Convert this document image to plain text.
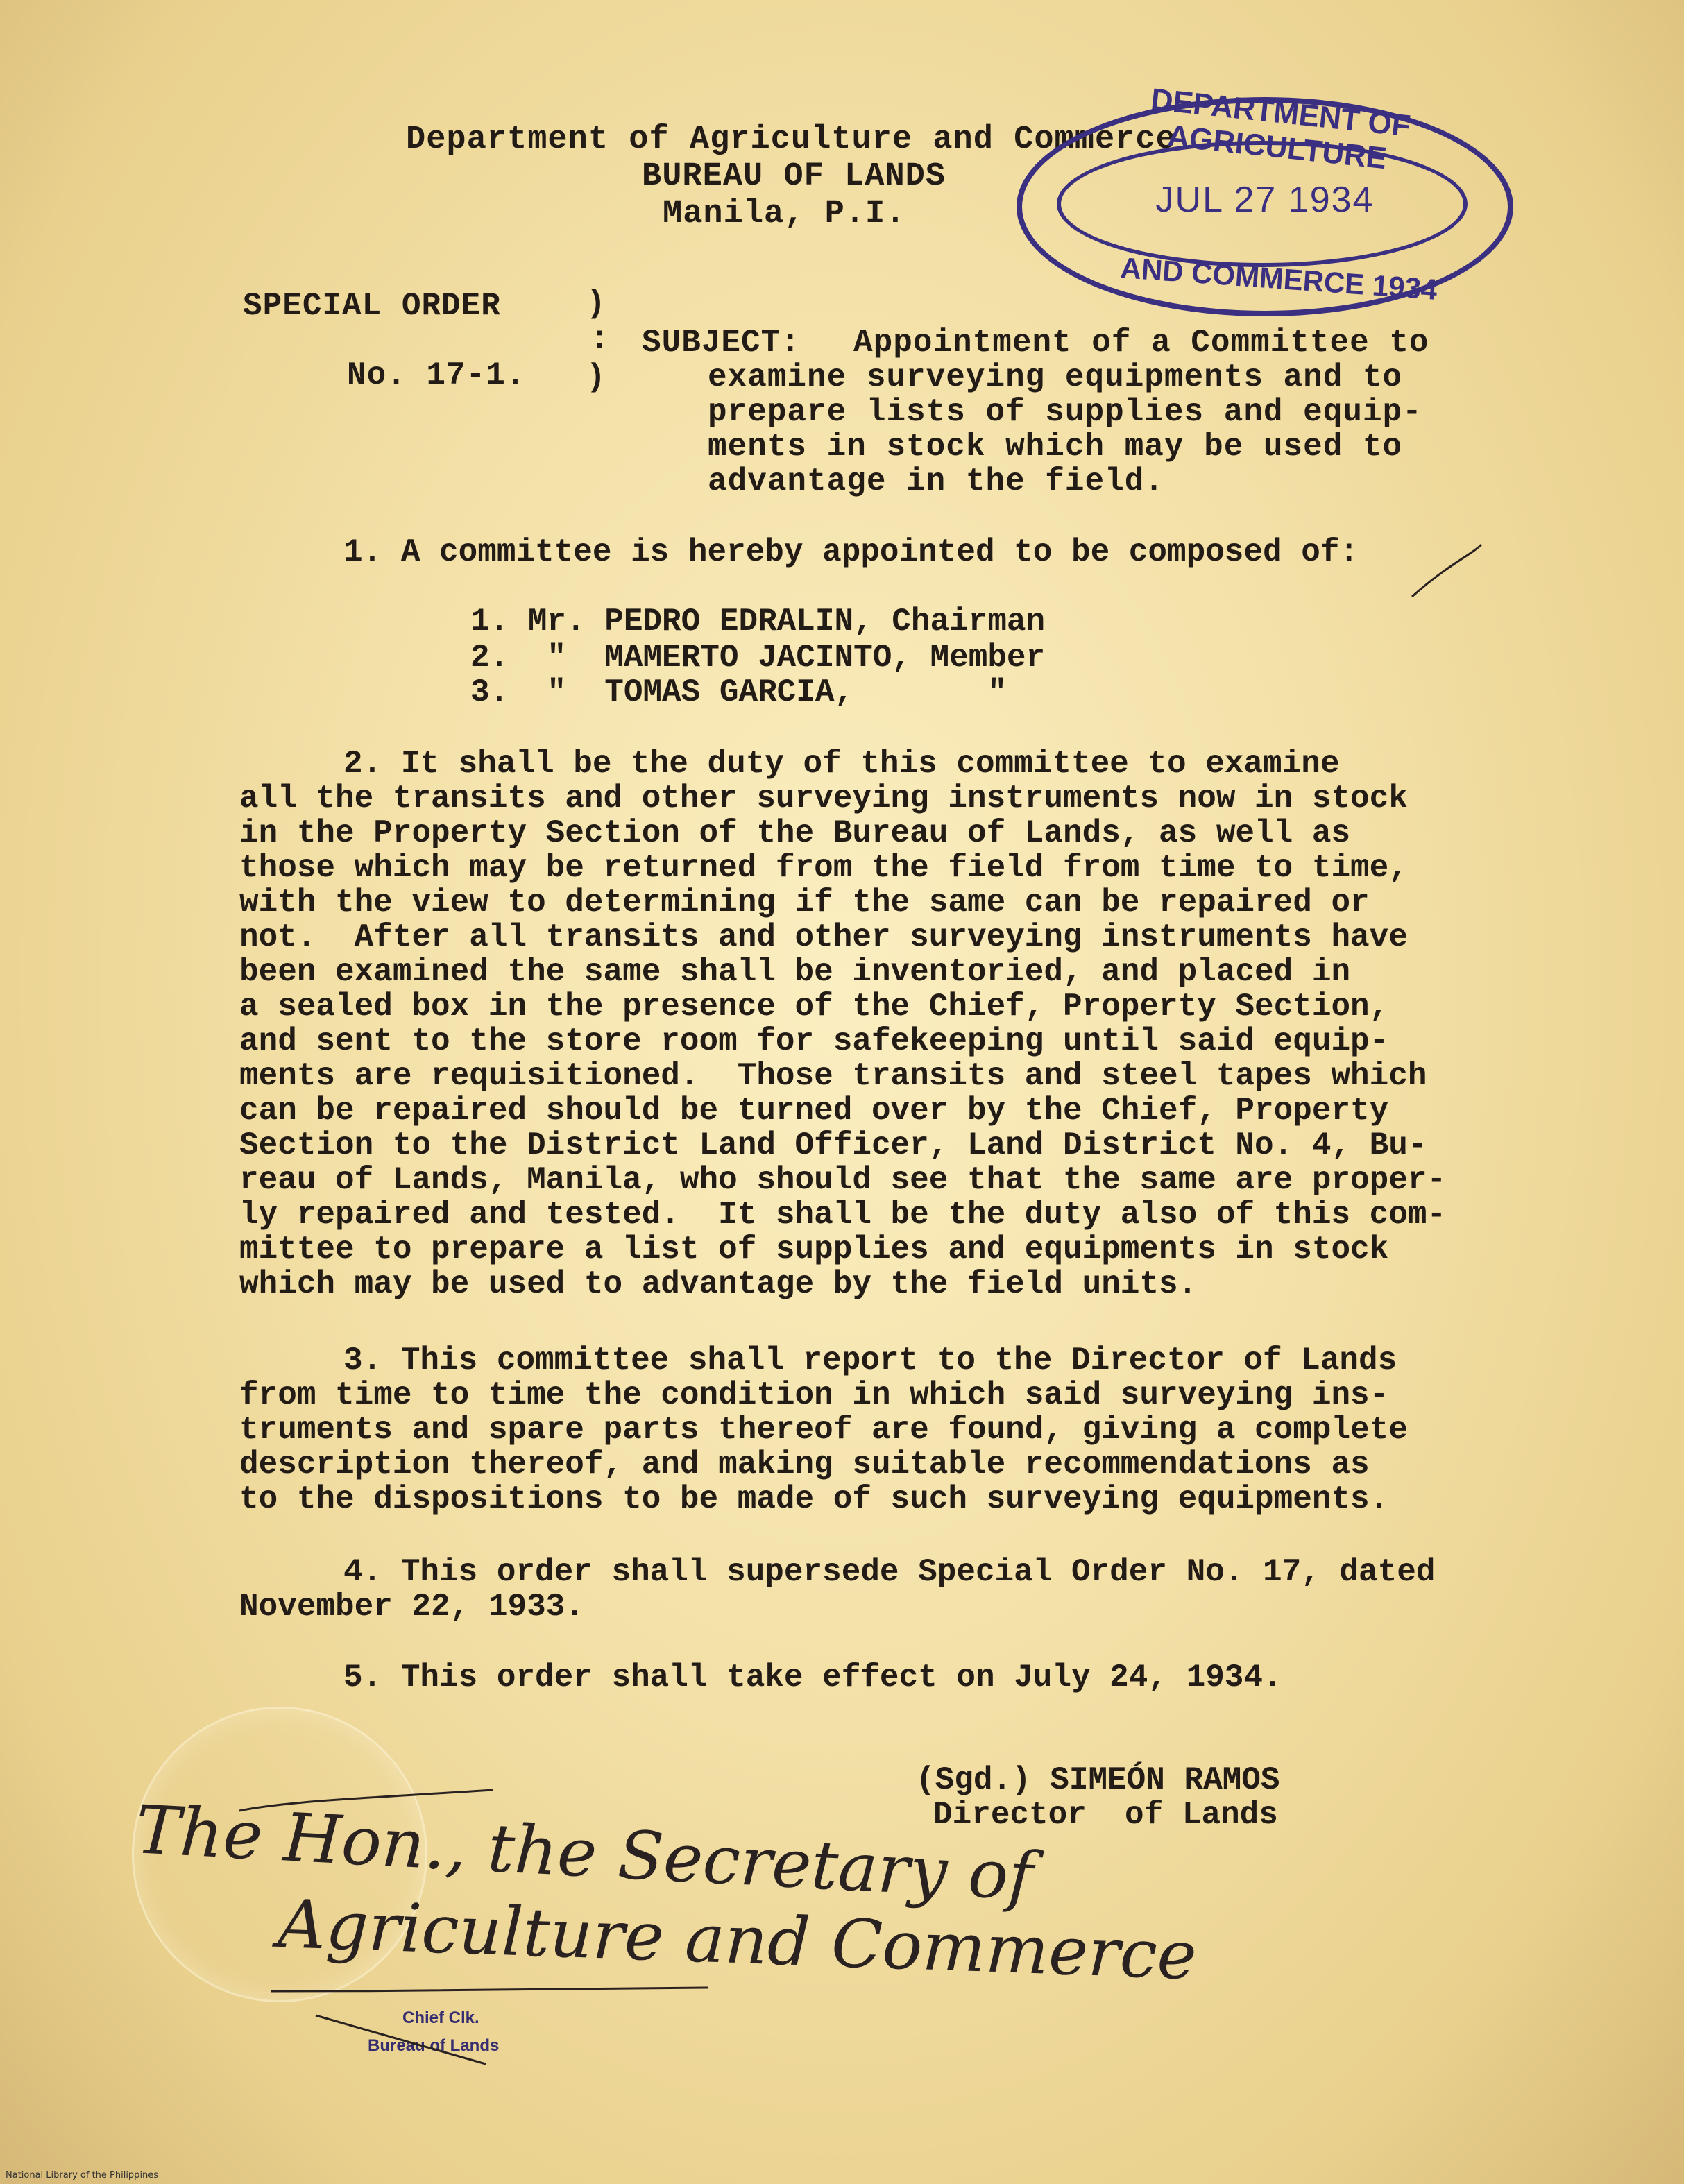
Department of Agriculture and Commerce
BUREAU OF LANDS
Manila, P.I.
DEPARTMENT OF AGRICULTURE
JUL 27 1934
AND COMMERCE 1934
SPECIAL ORDER	)
:
)
No. 17-1.
SUBJECT: Appointment of a Committee to
examine surveying equipments and to
prepare lists of supplies and equip-
ments in stock which may be used to
advantage in the field.
1. A committee is hereby appointed to be composed of:
1. Mr. PEDRO EDRALIN, Chairman
2.  "  MAMERTO JACINTO, Member
3.  "  TOMAS GARCIA,       "
2. It shall be the duty of this committee to examine
all the transits and other surveying instruments now in stock
in the Property Section of the Bureau of Lands, as well as
those which may be returned from the field from time to time,
with the view to determining if the same can be repaired or
not.  After all transits and other surveying instruments have
been examined the same shall be inventoried, and placed in
a sealed box in the presence of the Chief, Property Section,
and sent to the store room for safekeeping until said equip-
ments are requisitioned.  Those transits and steel tapes which
can be repaired should be turned over by the Chief, Property
Section to the District Land Officer, Land District No. 4, Bu-
reau of Lands, Manila, who should see that the same are proper-
ly repaired and tested.  It shall be the duty also of this com-
mittee to prepare a list of supplies and equipments in stock
which may be used to advantage by the field units.
3. This committee shall report to the Director of Lands
from time to time the condition in which said surveying ins-
truments and spare parts thereof are found, giving a complete
description thereof, and making suitable recommendations as
to the dispositions to be made of such surveying equipments.
4. This order shall supersede Special Order No. 17, dated
November 22, 1933.
5. This order shall take effect on July 24, 1934.
(Sgd.) SIMEÓN RAMOS
Director  of Lands
Chief Clk.
Bureau of Lands
The Hon., the Secretary of
Agriculture and Commerce
National Library of the Philippines
